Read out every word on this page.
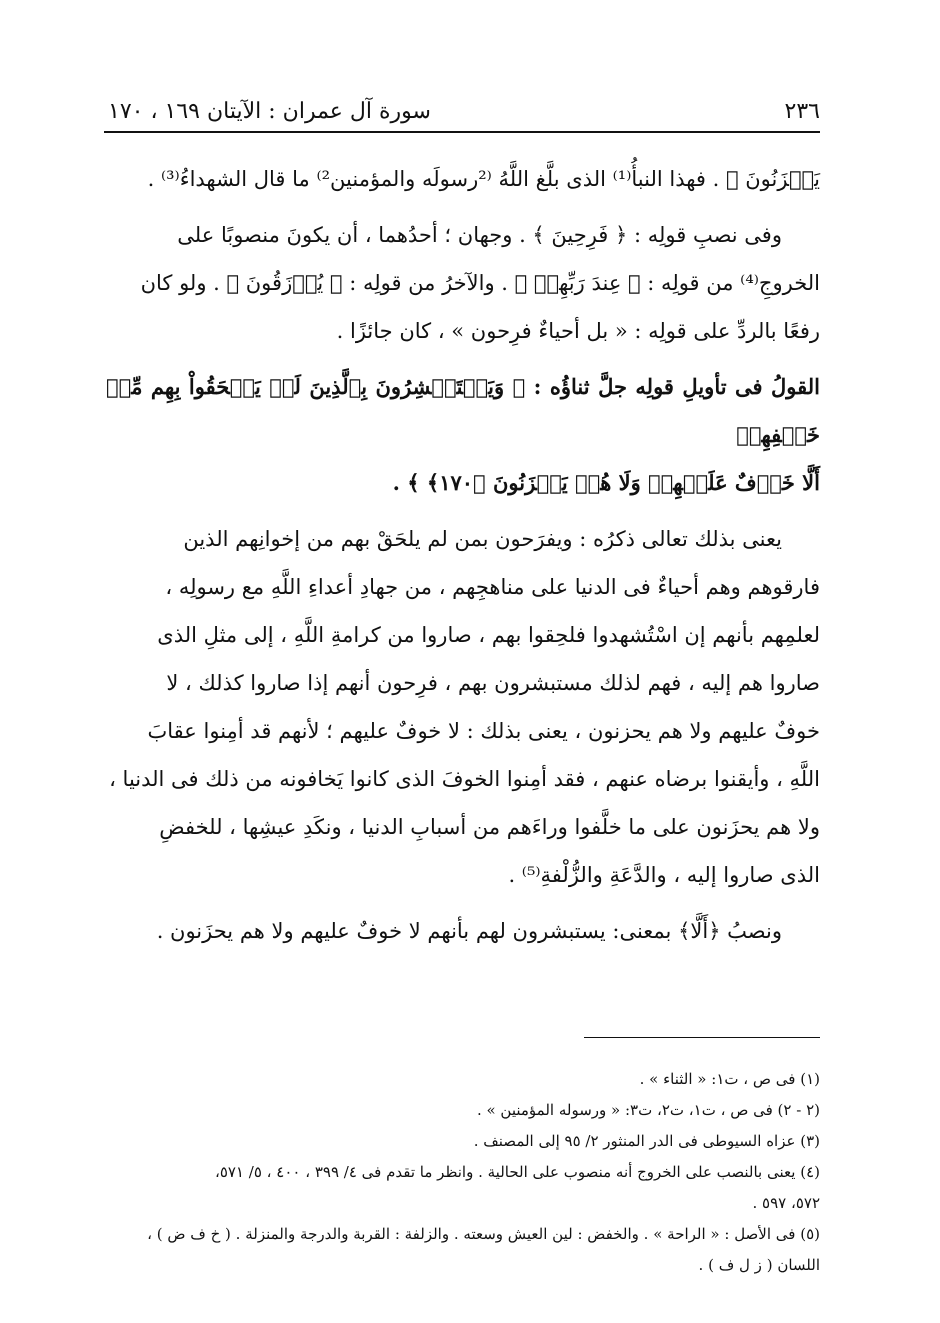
٢٣٦
سورة آل عمران : الآيتان ١٦٩ ، ١٧٠

يَحۡزَنُونَ ﴾ . فهذا النبأُ⁽¹⁾ الذى بلَّغ اللَّهُ ⁽²رسولَه والمؤمنين²⁾ ما قال الشهداءُ⁽³⁾ .

وفى نصبِ قولِه : ﴿ فَرِحِينَ ﴾ . وجهان ؛ أحدُهما ، أن يكونَ منصوبًا على

الخروجِ⁽⁴⁾ من قولِه : ﴿ عِندَ رَبِّهِمۡ ﴾ . والآخرُ من قولِه : ﴿ يُرۡزَقُونَ ﴾ . ولو كان

رفعًا بالردِّ على قولِه : « بل أحياءٌ فرِحون » ، كان جائزًا .

القولُ فى تأويلِ قولِه جلَّ ثناؤُه : ﴿ وَيَسۡتَبۡشِرُونَ بِٱلَّذِينَ لَمۡ يَلۡحَقُواْ بِهِم مِّنۡ خَلۡفِهِمۡ

أَلَّا خَوۡفٌ عَلَيۡهِمۡ وَلَا هُمۡ يَحۡزَنُونَ ﴿١٧٠﴾ ﴾ .

يعنى بذلك تعالى ذكرُه : ويفرَحون بمن لم يلحَقْ بهم من إخوانِهم الذين

فارقوهم وهم أحياءٌ فى الدنيا على مناهجِهم ، من جهادِ أعداءِ اللَّهِ مع رسولِه ،

لعلمِهم بأنهم إن اسْتُشهدوا فلحِقوا بهم ، صاروا من كرامةِ اللَّهِ ، إلى مثلِ الذى

صاروا هم إليه ، فهم لذلك مستبشرون بهم ، فرِحون أنهم إذا صاروا كذلك ، لا

خوفٌ عليهم ولا هم يحزنون ، يعنى بذلك : لا خوفٌ عليهم ؛ لأنهم قد أمِنوا عقابَ

اللَّهِ ، وأيقنوا برضاه عنهم ، فقد أمِنوا الخوفَ الذى كانوا يَخافونه من ذلك فى الدنيا ،

ولا هم يحزَنون على ما خلَّفوا وراءَهم من أسبابِ الدنيا ، ونكَدِ عيشِها ، للخفضِ

الذى صاروا إليه ، والدَّعَةِ والزُّلْفةِ⁽⁵⁾ .

ونصبُ ﴿أَلَّا﴾ بمعنى: يستبشرون لهم بأنهم لا خوفٌ عليهم ولا هم يحزَنون .

(١) فى ص ، ت١: « الثناء » .

(٢ - ٢) فى ص ، ت١، ت٢، ت٣: « ورسوله المؤمنين » .

(٣) عزاه السيوطى فى الدر المنثور ٢/ ٩٥ إلى المصنف .

(٤) يعنى بالنصب على الخروج أنه منصوب على الحالية . وانظر ما تقدم فى ٤/ ٣٩٩ ، ٤٠٠ ، ٥/ ٥٧١،

٥٧٢، ٥٩٧ .

(٥) فى الأصل : « الراحة » . والخفض : لين العيش وسعته . والزلفة : القربة والدرجة والمنزلة . ( خ ف ض ) ،

اللسان ( ز ل ف ) .
